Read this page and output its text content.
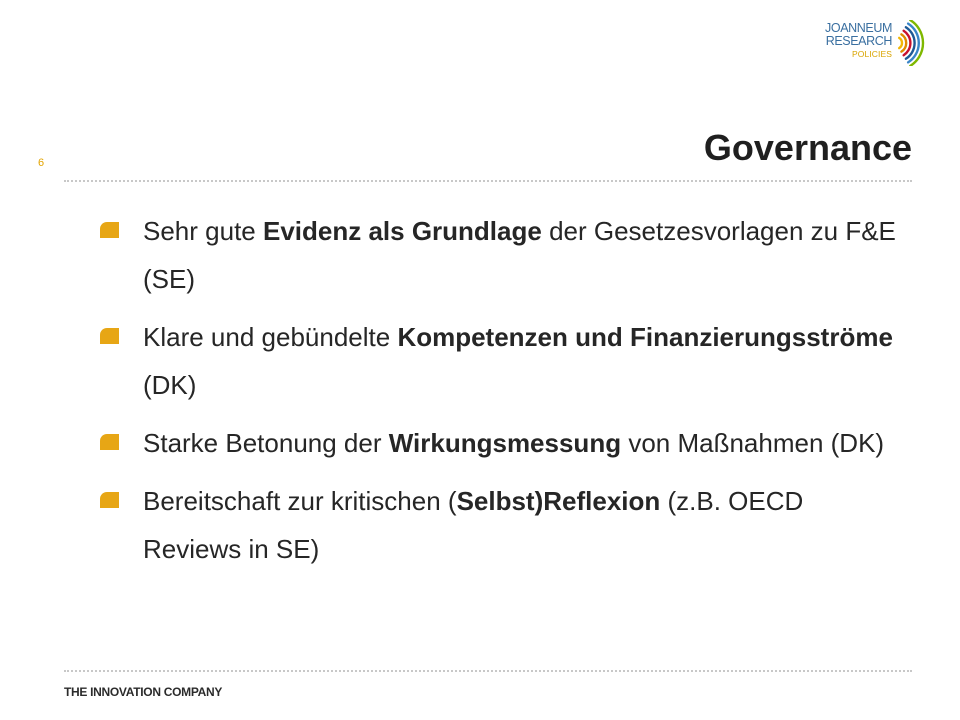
JOANNEUM
RESEARCH
POLICIES
6	Governance
Sehr gute Evidenz als Grundlage der Gesetzesvorlagen zu F&E (SE)
Klare und gebündelte Kompetenzen und Finanzierungsströme (DK)
Starke Betonung der Wirkungsmessung von Maßnahmen (DK)
Bereitschaft zur kritischen (Selbst)Reflexion (z.B. OECD Reviews in SE)
THE INNOVATION COMPANY
